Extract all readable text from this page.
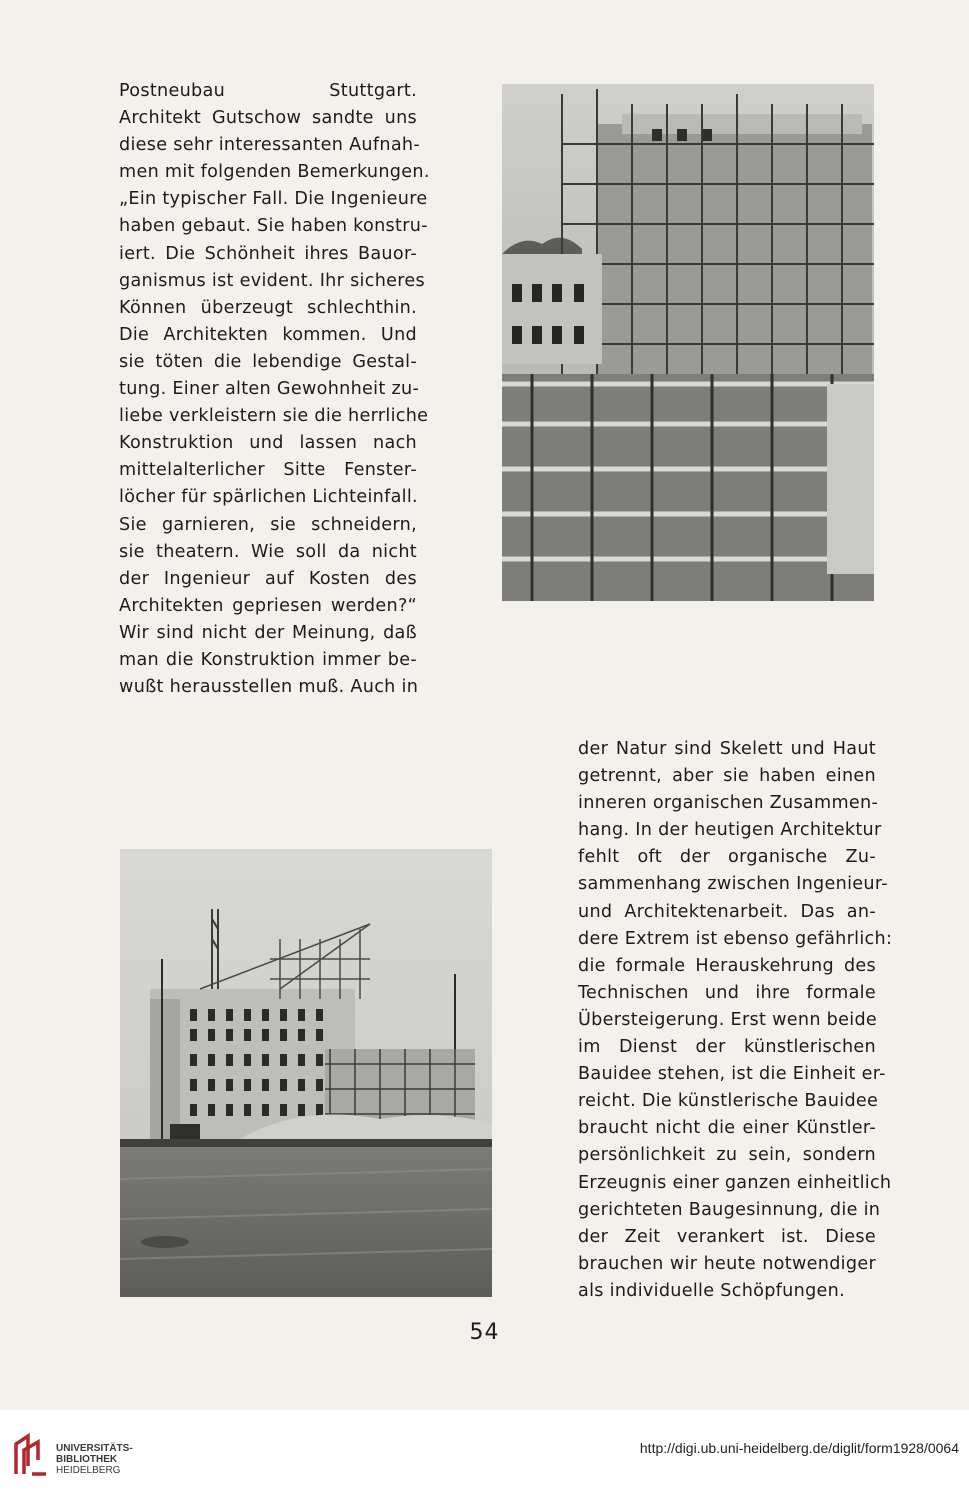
Postneubau Stuttgart.
Architekt Gutschow sandte uns
diese sehr interessanten Aufnah-
men mit folgenden Bemerkungen.
„Ein typischer Fall. Die Ingenieure
haben gebaut. Sie haben konstru-
iert. Die Schönheit ihres Bauor-
ganismus ist evident. Ihr sicheres
Können überzeugt schlechthin.
Die Architekten kommen. Und
sie töten die lebendige Gestal-
tung. Einer alten Gewohnheit zu-
liebe verkleistern sie die herrliche
Konstruktion und lassen nach
mittelalterlicher Sitte Fenster-
löcher für spärlichen Lichteinfall.
Sie garnieren, sie schneidern,
sie theatern. Wie soll da nicht
der Ingenieur auf Kosten des
Architekten gepriesen werden?“
Wir sind nicht der Meinung, daß
man die Konstruktion immer be-
wußt herausstellen muß. Auch in
der Natur sind Skelett und Haut
getrennt, aber sie haben einen
inneren organischen Zusammen-
hang. In der heutigen Architektur
fehlt oft der organische Zu-
sammenhang zwischen Ingenieur-
und Architektenarbeit. Das an-
dere Extrem ist ebenso gefährlich:
die formale Herauskehrung des
Technischen und ihre formale
Übersteigerung. Erst wenn beide
im Dienst der künstlerischen
Bauidee stehen, ist die Einheit er-
reicht. Die künstlerische Bauidee
braucht nicht die einer Künstler-
persönlichkeit zu sein, sondern
Erzeugnis einer ganzen einheitlich
gerichteten Baugesinnung, die in
der Zeit verankert ist. Diese
brauchen wir heute notwendiger
als individuelle Schöpfungen.
54
UNIVERSITÄTS-
BIBLIOTHEK
HEIDELBERG
http://digi.ub.uni-heidelberg.de/diglit/form1928/0064
